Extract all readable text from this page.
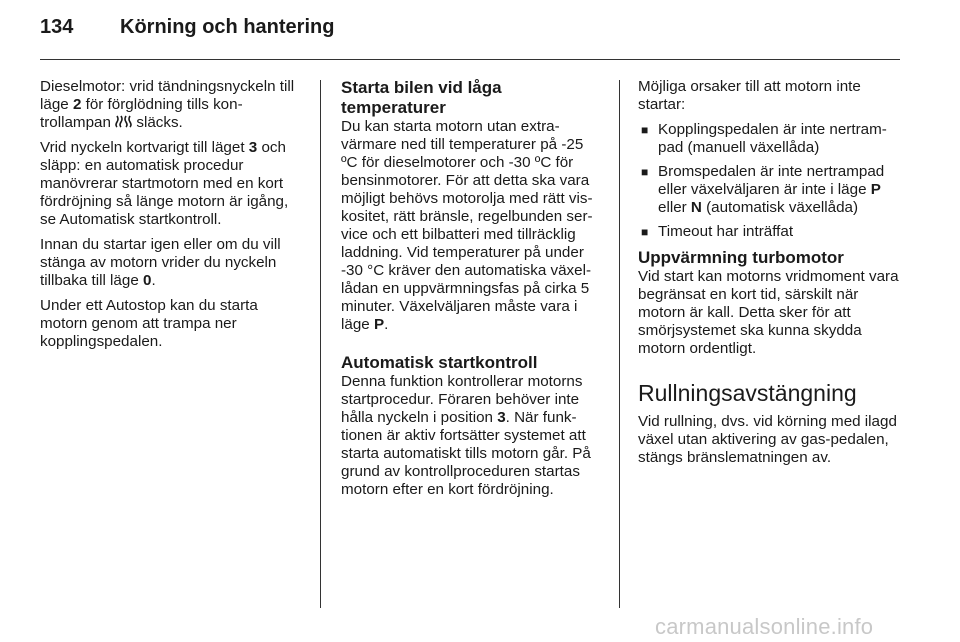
134	Körning och hantering

Dieselmotor: vrid tändningsnyckeln till läge 2 för förglödning tills kon-trollampan  släcks.

Vrid nyckeln kortvarigt till läget 3 och släpp: en automatisk procedur manövrerar startmotorn med en kort fördröjning så länge motorn är igång, se Automatisk startkontroll.

Innan du startar igen eller om du vill stänga av motorn vrider du nyckeln tillbaka till läge 0.

Under ett Autostop kan du starta motorn genom att trampa ner kopplingspedalen.

Starta bilen vid låga temperaturer

Du kan starta motorn utan extra-värmare ned till temperaturer på -25 ºC för dieselmotorer och -30 ºC för bensinmotorer. För att detta ska vara möjligt behövs motorolja med rätt vis-kositet, rätt bränsle, regelbunden ser-vice och ett bilbatteri med tillräcklig laddning. Vid temperaturer på under -30 °C kräver den automatiska växel-lådan en uppvärmningsfas på cirka 5 minuter. Växelväljaren måste vara i läge P.

Automatisk startkontroll

Denna funktion kontrollerar motorns startprocedur. Föraren behöver inte hålla nyckeln i position 3. När funk-tionen är aktiv fortsätter systemet att starta automatiskt tills motorn går. På grund av kontrollproceduren startas motorn efter en kort fördröjning.

Möjliga orsaker till att motorn inte startar:

■ Kopplingspedalen är inte nertram-pad (manuell växellåda)
■ Bromspedalen är inte nertrampad eller växelväljaren är inte i läge P eller N (automatisk växellåda)
■ Timeout har inträffat
Uppvärmning turbomotor

Vid start kan motorns vridmoment vara begränsat en kort tid, särskilt när motorn är kall. Detta sker för att smörjsystemet ska kunna skydda motorn ordentligt.

Rullningsavstängning

Vid rullning, dvs. vid körning med ilagd växel utan aktivering av gas-pedalen, stängs bränslematningen av.

carmanualsonline.info
